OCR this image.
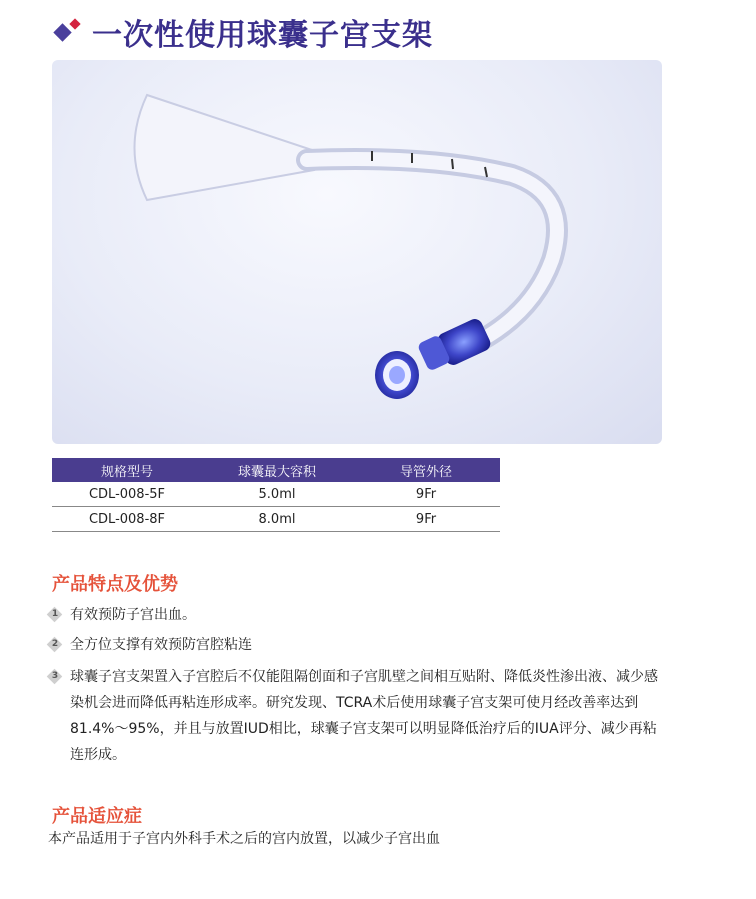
一次性使用球囊子宫支架
规格型号	球囊最大容积	导管外径
CDL-008-5F	5.0ml	9Fr
CDL-008-8F	8.0ml	9Fr
产品特点及优势
1 有效预防子宫出血。
2 全方位支撑有效预防宫腔粘连
3 球囊子宫支架置入子宫腔后不仅能阻隔创面和子宫肌壁之间相互贴附、降低炎性渗出液、减少感染机会进而降低再粘连形成率。研究发现、TCRA术后使用球囊子宫支架可使月经改善率达到81.4%～95%，并且与放置IUD相比，球囊子宫支架可以明显降低治疗后的IUA评分、减少再粘连形成。
产品适应症
本产品适用于子宫内外科手术之后的宫内放置，以减少子宫出血
